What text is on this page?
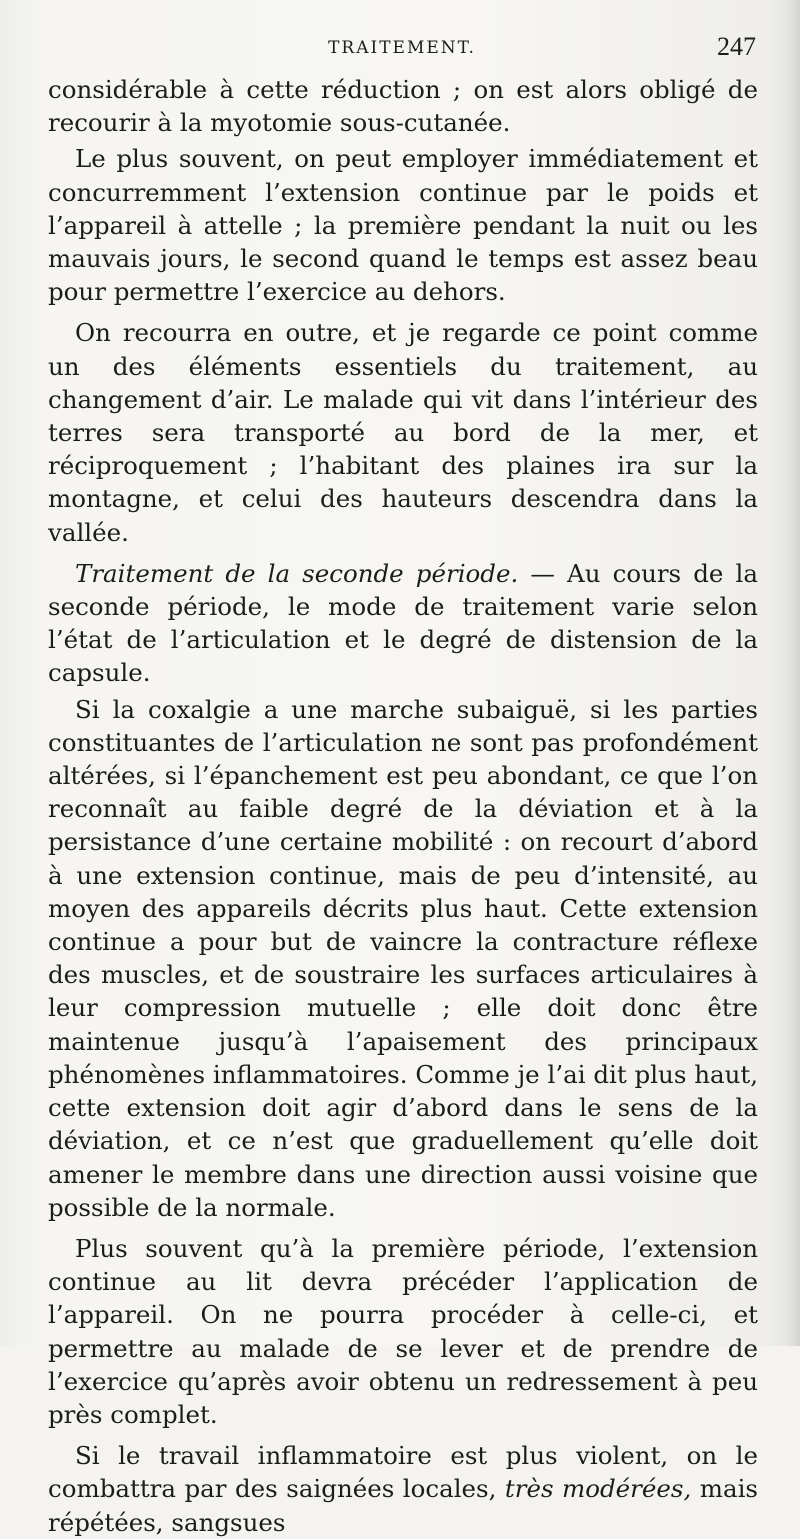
TRAITEMENT.	247

considérable à cette réduction ; on est alors obligé de recourir à la myotomie sous-cutanée.

Le plus souvent, on peut employer immédiatement et concurremment l’extension continue par le poids et l’appareil à attelle ; la première pendant la nuit ou les mauvais jours, le second quand le temps est assez beau pour permettre l’exercice au dehors.

On recourra en outre, et je regarde ce point comme un des éléments essentiels du traitement, au changement d’air. Le malade qui vit dans l’intérieur des terres sera transporté au bord de la mer, et réciproquement ; l’habitant des plaines ira sur la montagne, et celui des hauteurs descendra dans la vallée.

Traitement de la seconde période. — Au cours de la seconde période, le mode de traitement varie selon l’état de l’articulation et le degré de distension de la capsule.

Si la coxalgie a une marche subaiguë, si les parties constituantes de l’articulation ne sont pas profondément altérées, si l’épanchement est peu abondant, ce que l’on reconnaît au faible degré de la déviation et à la persistance d’une certaine mobilité : on recourt d’abord à une extension continue, mais de peu d’intensité, au moyen des appareils décrits plus haut. Cette extension continue a pour but de vaincre la contracture réflexe des muscles, et de soustraire les surfaces articulaires à leur compression mutuelle ; elle doit donc être maintenue jusqu’à l’apaisement des principaux phénomènes inflammatoires. Comme je l’ai dit plus haut, cette extension doit agir d’abord dans le sens de la déviation, et ce n’est que graduellement qu’elle doit amener le membre dans une direction aussi voisine que possible de la normale.

Plus souvent qu’à la première période, l’extension continue au lit devra précéder l’application de l’appareil. On ne pourra procéder à celle-ci, et permettre au malade de se lever et de prendre de l’exercice qu’après avoir obtenu un redressement à peu près complet.

Si le travail inflammatoire est plus violent, on le combattra par des saignées locales, très modérées, mais répétées, sangsues
